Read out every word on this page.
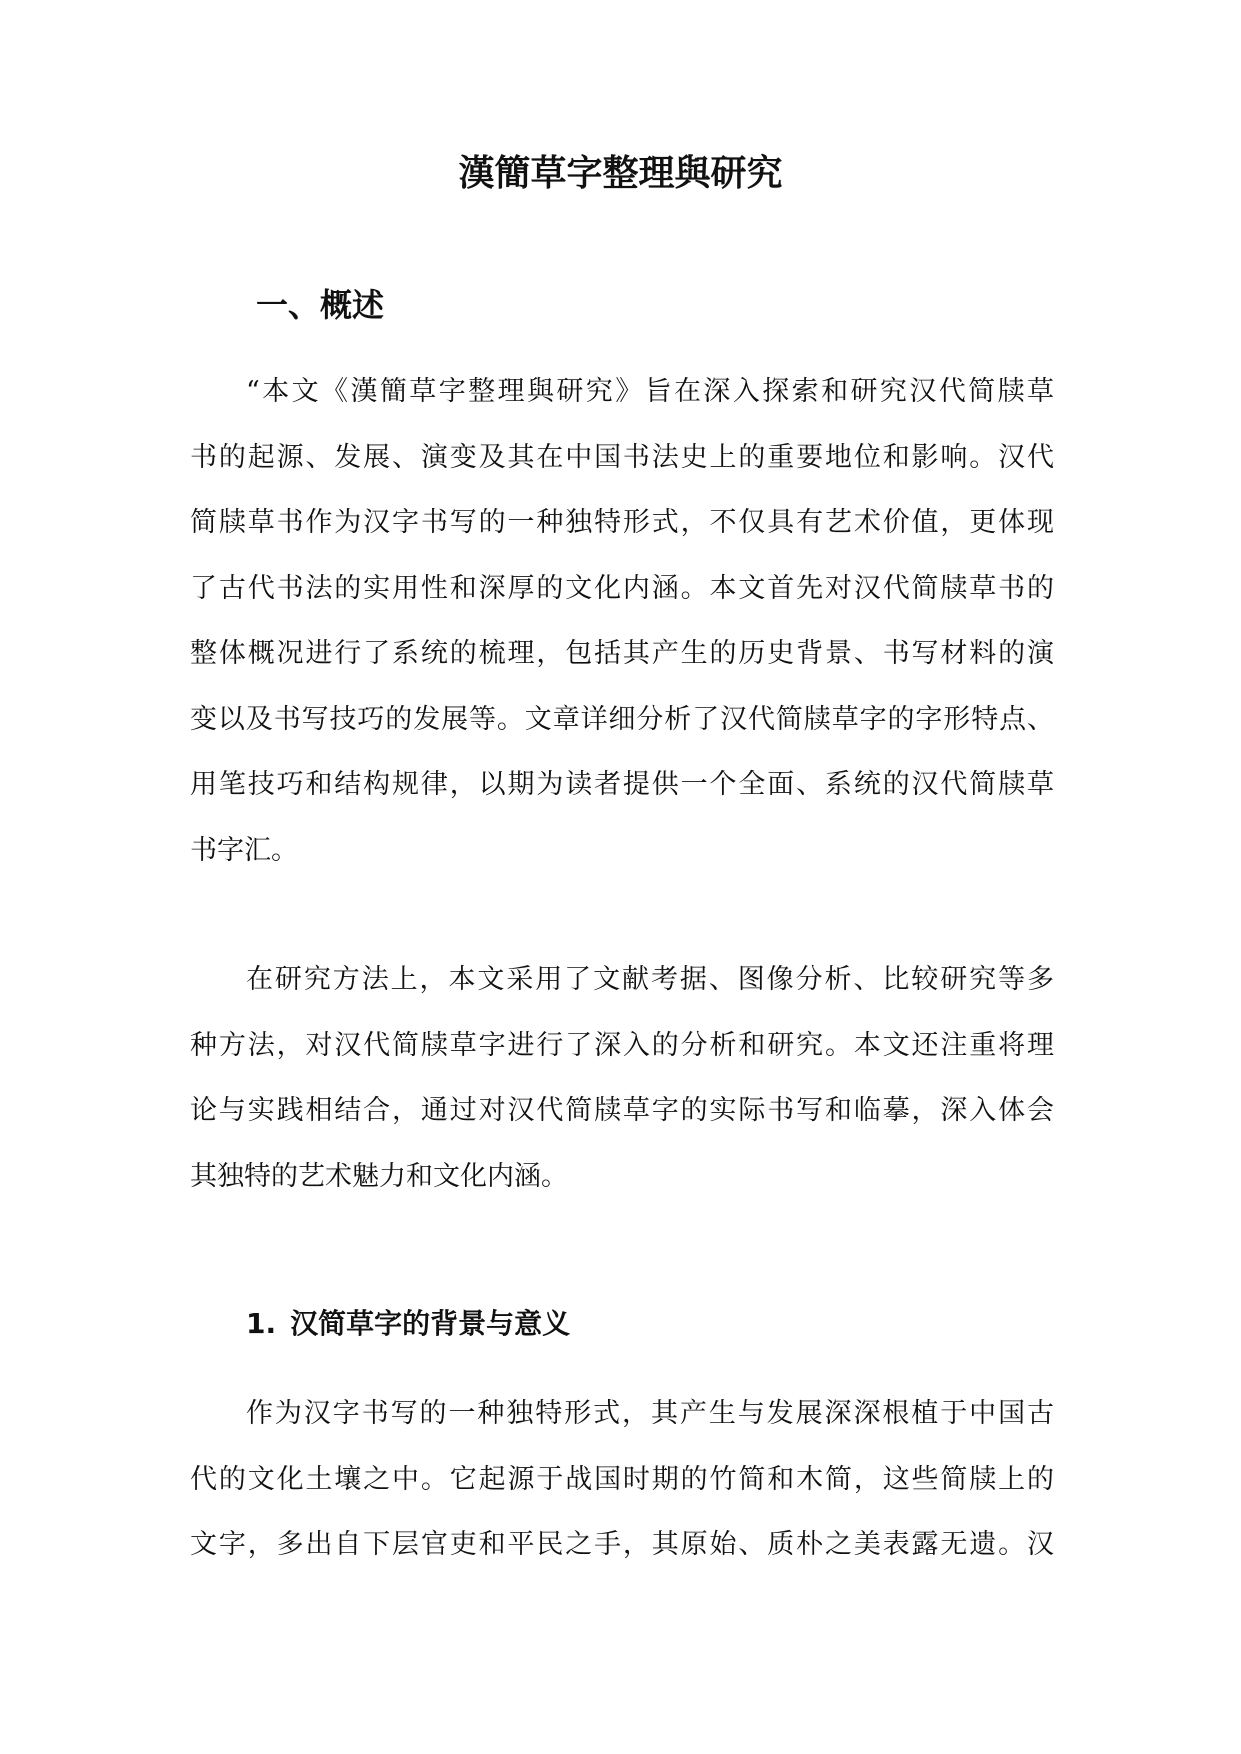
漢簡草字整理與研究
一、概述

“本文《漢簡草字整理與研究》旨在深入探索和研究汉代简牍草
书的起源、发展、演变及其在中国书法史上的重要地位和影响。汉代
简牍草书作为汉字书写的一种独特形式，不仅具有艺术价值，更体现
了古代书法的实用性和深厚的文化内涵。本文首先对汉代简牍草书的
整体概况进行了系统的梳理，包括其产生的历史背景、书写材料的演
变以及书写技巧的发展等。文章详细分析了汉代简牍草字的字形特点、
用笔技巧和结构规律，以期为读者提供一个全面、系统的汉代简牍草
书字汇。

在研究方法上，本文采用了文献考据、图像分析、比较研究等多
种方法，对汉代简牍草字进行了深入的分析和研究。本文还注重将理
论与实践相结合，通过对汉代简牍草字的实际书写和临摹，深入体会
其独特的艺术魅力和文化内涵。

1. 汉简草字的背景与意义

作为汉字书写的一种独特形式，其产生与发展深深根植于中国古
代的文化土壤之中。它起源于战国时期的竹简和木简，这些简牍上的
文字，多出自下层官吏和平民之手，其原始、质朴之美表露无遗。汉
